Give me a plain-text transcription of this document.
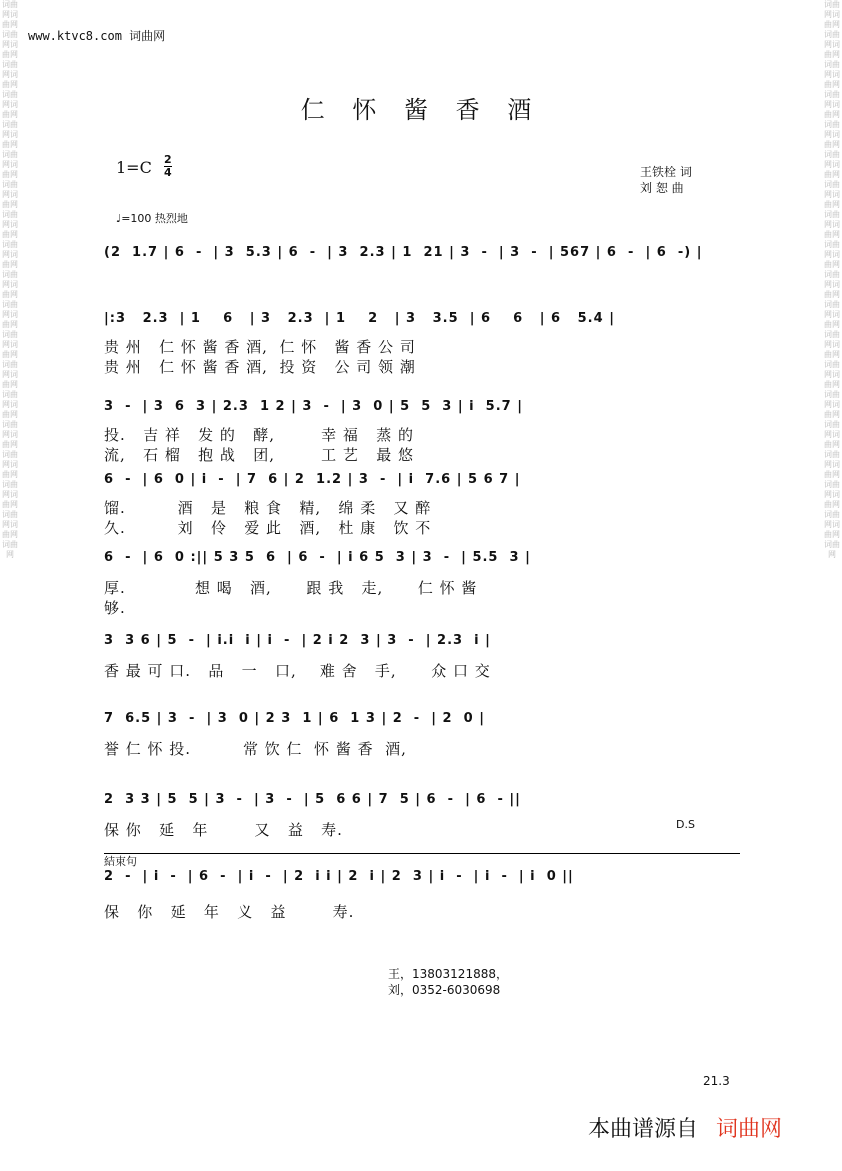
词曲网词曲网词曲网词曲网词曲网词曲网词曲网词曲网词曲网词曲网词曲网词曲网词曲网词曲网词曲网词曲网词曲网词曲网词曲网词曲网词曲网词曲网词曲网词曲网词曲网词曲网词曲网词曲网词曲网词曲网词曲网词曲网词曲网词曲网词曲网词曲网词曲网
词曲网词曲网词曲网词曲网词曲网词曲网词曲网词曲网词曲网词曲网词曲网词曲网词曲网词曲网词曲网词曲网词曲网词曲网词曲网词曲网词曲网词曲网词曲网词曲网词曲网词曲网词曲网词曲网词曲网词曲网词曲网词曲网词曲网词曲网词曲网词曲网词曲网
www.ktvc8.com 词曲网
仁 怀 酱 香 酒
1=C 2
4	王铁栓 词
刘 恕 曲
♩=100 热烈地
(2  1.7 | 6  -  | 3  5.3 | 6  -  | 3  2.3 | 1  21 | 3  -  | 3  -  | 567 | 6  -  | 6  -) |
|:3   2.3  | 1    6   | 3   2.3  | 1    2   | 3   3.5  | 6    6   | 6   5.4 |
贵 州   仁 怀 酱 香 酒,  仁 怀   酱 香 公 司
贵 州   仁 怀 酱 香 酒,  投 资   公 司 领 潮
3  -  | 3  6  3 | 2.3  1 2 | 3  -  | 3  0 | 5  5  3 | i  5.7 |
投.   吉 祥   发 的   酵,        幸 福   蒸 的
流,   石 榴   抱 战   团,        工 艺   最 悠
6  -  | 6  0 | i  -  | 7  6 | 2  1.2 | 3  -  | i  7.6 | 5 6 7 |
馏.         酒   是   粮 食   精,   绵 柔   又 醉
久.         刘   伶   爱 此   酒,   杜 康   饮 不
6  -  | 6  0 :|| 5 3 5  6  | 6  -  | i 6 5  3 | 3  -  | 5.5  3 |
厚.            想 喝   酒,      跟 我   走,      仁 怀 酱
够.
3  3 6 | 5  -  | i.i  i | i  -  | 2 i 2  3 | 3  -  | 2.3  i |
香 最 可 口.   品   一   口,    难 舍   手,      众 口 交
7  6.5 | 3  -  | 3  0 | 2 3  1 | 6  1 3 | 2  -  | 2  0 |
誉 仁 怀 投.         常 饮 仁  怀 酱 香  酒,
2  3 3 | 5  5 | 3  -  | 3  -  | 5  6 6 | 7  5 | 6  -  | 6  - ||
保 你   延   年        又   益   寿.
2  -  | i  -  | 6  -  | i  -  | 2  i i | 2  i | 2  3 | i  -  | i  -  | i  0 ||
保   你   延   年   义   益        寿.
D.S
結束句
王，13803121888，
刘，0352-6030698
21.3
本曲谱源自 词曲网
